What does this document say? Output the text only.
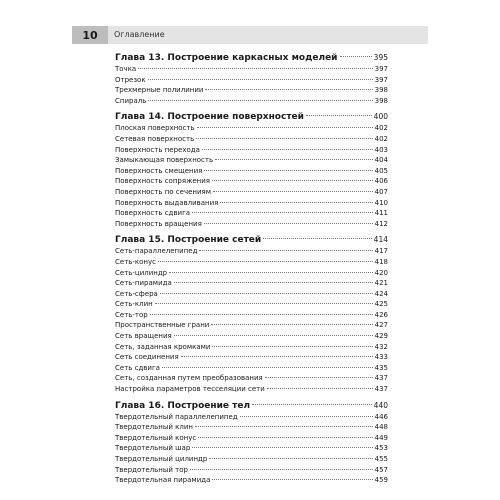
10	Оглавление
Глава 13. Построение каркасных моделей	395
Точка	397
Отрезок	397
Трехмерные полилинии	398
Спираль	398
Глава 14. Построение поверхностей	400
Плоская поверхность	402
Сетевая поверхность	402
Поверхность перехода	403
Замыкающая поверхность	404
Поверхность смещения	405
Поверхность сопряжения	406
Поверхность по сечениям	407
Поверхность выдавливания	410
Поверхность сдвига	411
Поверхность вращения	412
Глава 15. Построение сетей	414
Сеть-параллелепипед	417
Сеть-конус	418
Сеть-цилиндр	420
Сеть-пирамида	421
Сеть-сфера	424
Сеть-клин	425
Сеть-тор	426
Пространственные грани	427
Сеть вращения	429
Сеть, заданная кромками	432
Сеть соединения	433
Сеть сдвига	435
Сеть, созданная путем преобразования	437
Настройка параметров тесселяции сети	437
Глава 16. Построение тел	440
Твердотельный параллелепипед	446
Твердотельный клин	448
Твердотельный конус	449
Твердотельный шар	453
Твердотельный цилиндр	455
Твердотельный тор	457
Твердотельная пирамида	459
